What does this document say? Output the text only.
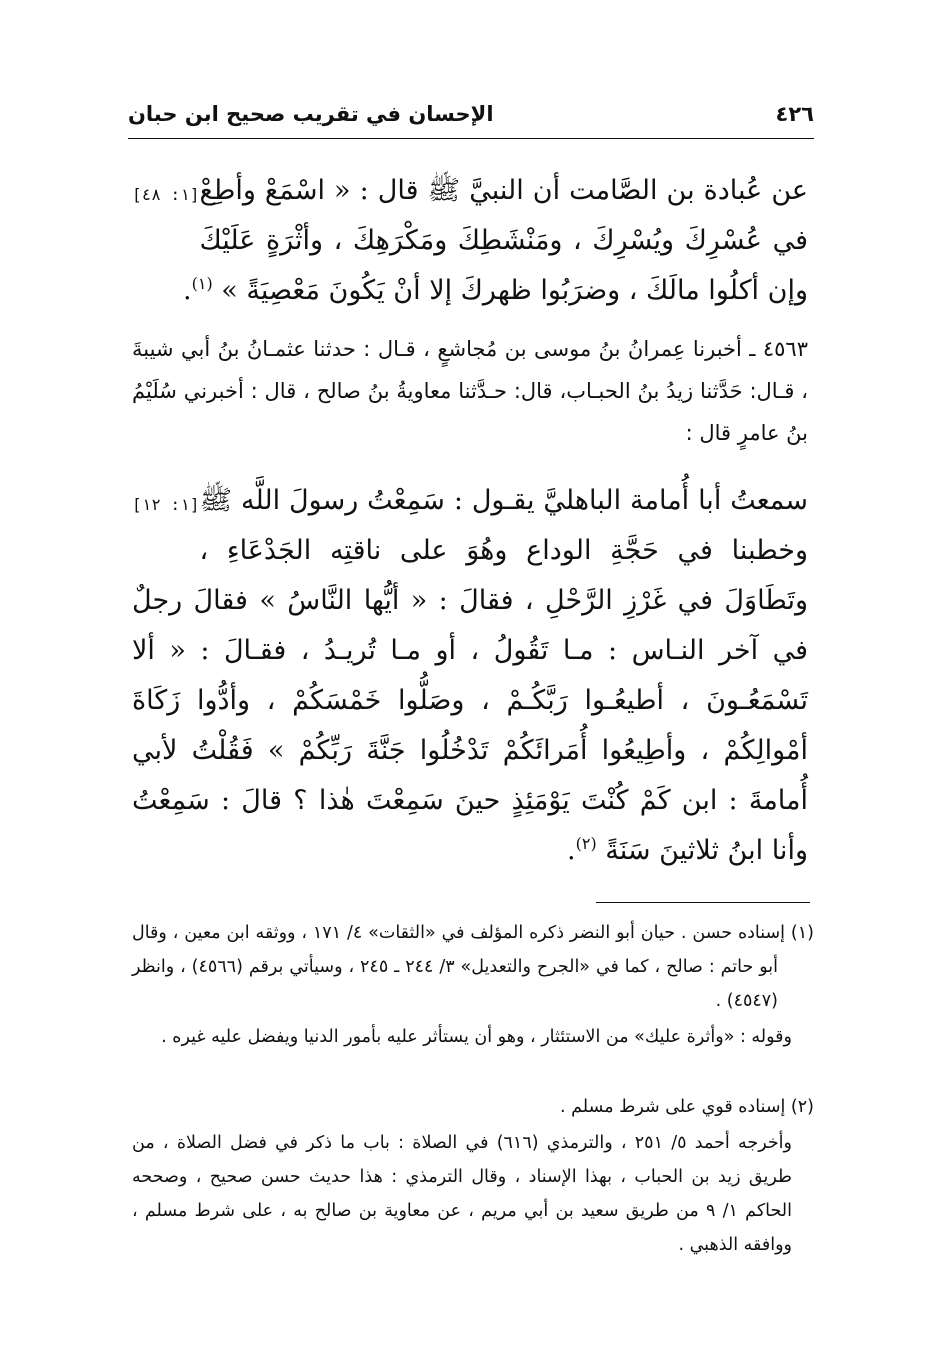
٤٢٦
الإحسان في تقريب صحيح ابن حبان
[١: ٤٨] عن عُبادة بن الصَّامت أن النبيَّ ﷺ قال : « اسْمَعْ وأطِعْ في عُسْرِكَ ويُسْرِكَ ، ومَنْشَطِكَ ومَكْرَهِكَ ، وأثْرَةٍ عَلَيْكَ وإن أكلُوا مالَكَ ، وضرَبُوا ظهركَ إلا أنْ يَكُونَ مَعْصِيَةً » $^{(١)}$.
٤٥٦٣ ـ أخبرنا عِمرانُ بنُ موسى بن مُجاشعٍ ، قـال : حدثنا عثمـانُ بنُ أبي شيبةَ ، قـال: حَدَّثنا زيدُ بنُ الحبـاب، قال: حـدَّثنا معاويةُ بنُ صالح ، قال : أخبرني سُلَيْمُ بنُ عامرٍ قال :
[١: ١٢] سمعتُ أبا أُمامة الباهليَّ يقـول : سَمِعْتُ رسولَ اللَّه ﷺ وخطبنا في حَجَّةِ الوداع وهُوَ على ناقتِه الجَدْعَاءِ ، وتَطَاوَلَ في غَرْزِ الرَّحْلِ ، فقالَ : « أيُّها النَّاسُ » فقالَ رجلٌ في آخر النـاس : مـا تَقُولُ ، أو مـا تُريـدُ ، فقـالَ : « ألا تَسْمَعُـونَ ، أطيعُـوا رَبَّكُـمْ ، وصَلُّوا خَمْسَكُمْ ، وأدُّوا زَكَاةَ أمْوالِكُمْ ، وأطِيعُوا أُمَرائَكُمْ تَدْخُلُوا جَنَّةَ رَبِّكُمْ » فَقُلْتُ لأبي أُمامةَ : ابن كَمْ كُنْتَ يَوْمَئِذٍ حينَ سَمِعْتَ هٰذا ؟ قالَ : سَمِعْتُ وأنا ابنُ ثلاثينَ سَنَةً $^{(٢)}$.
(١) إسناده حسن . حيان أبو النضر ذكره المؤلف في «الثقات» ٤/ ١٧١ ، ووثقه ابن معين ، وقال أبو حاتم : صالح ، كما في «الجرح والتعديل» ٣/ ٢٤٤ ـ ٢٤٥ ، وسيأتي برقم (٤٥٦٦) ، وانظر (٤٥٤٧) .
وقوله : «وأثرة عليك» من الاستئثار ، وهو أن يستأثر عليه بأمور الدنيا ويفضل عليه غيره .
(٢) إسناده قوي على شرط مسلم .
وأخرجه أحمد ٥/ ٢٥١ ، والترمذي (٦١٦) في الصلاة : باب ما ذكر في فضل الصلاة ، من طريق زيد بن الحباب ، بهذا الإسناد ، وقال الترمذي : هذا حديث حسن صحيح ، وصححه الحاكم ١/ ٩ من طريق سعيد بن أبي مريم ، عن معاوية بن صالح به ، على شرط مسلم ، ووافقه الذهبي .
